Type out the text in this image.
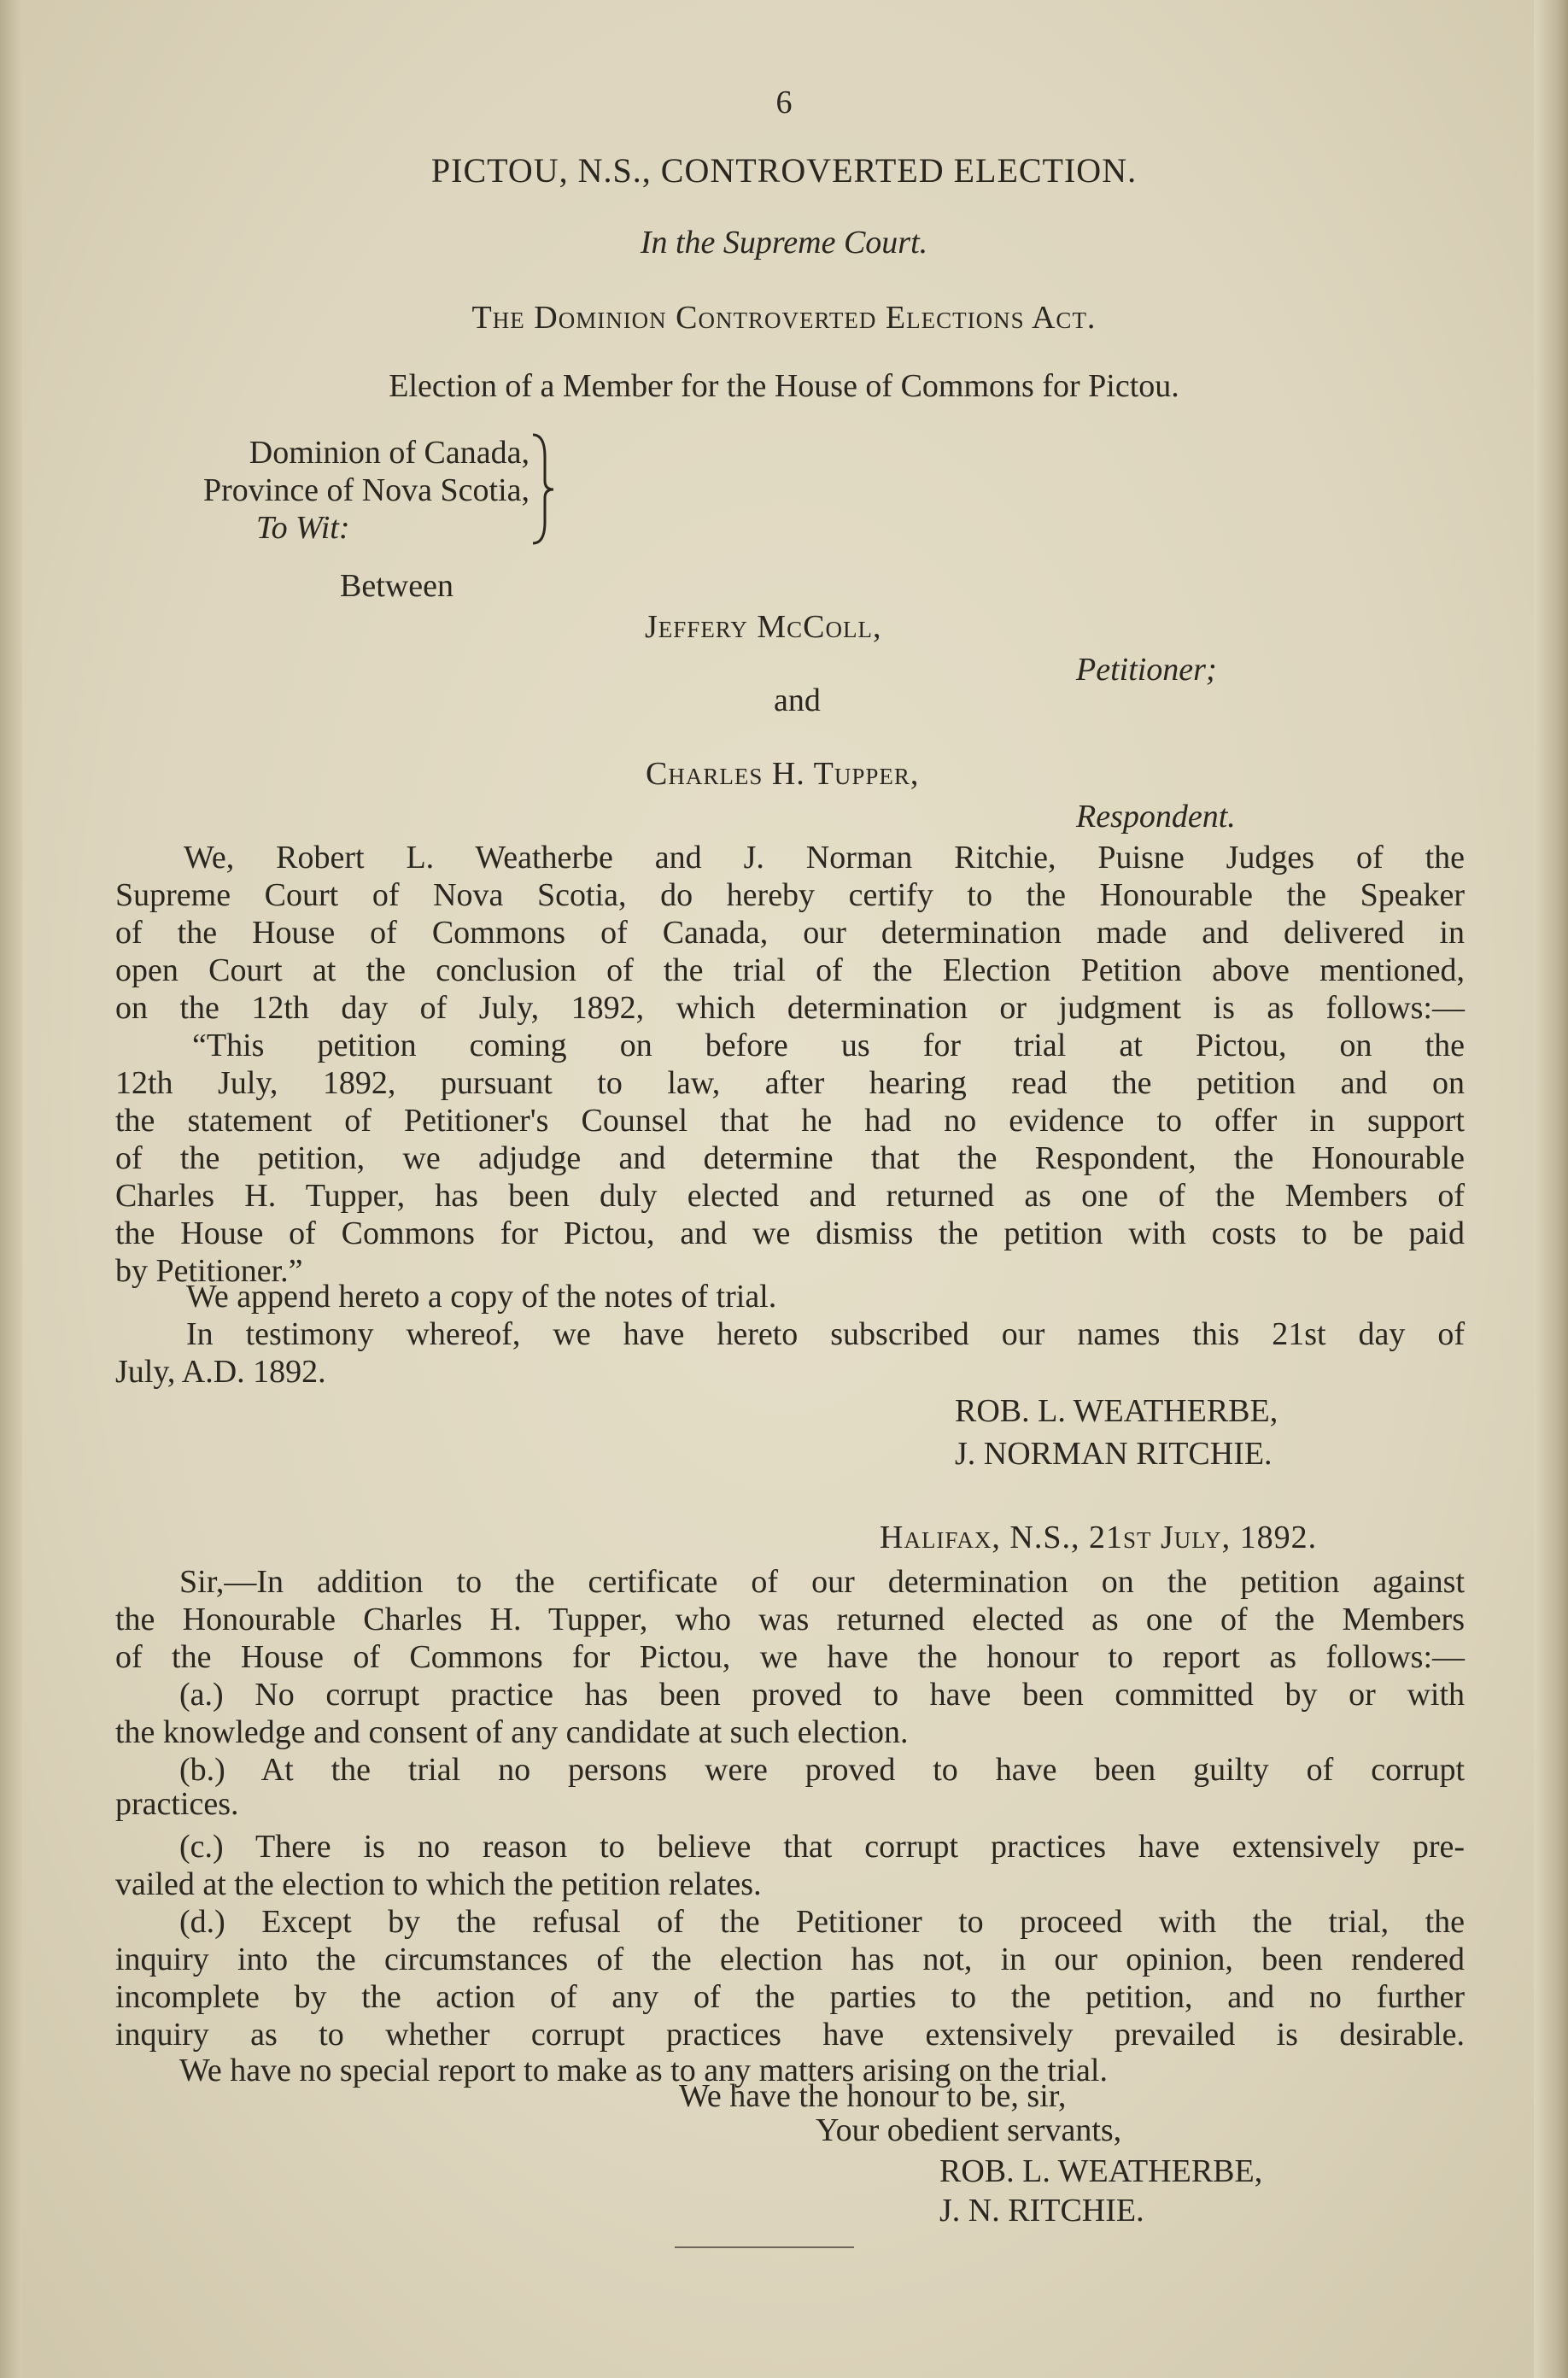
6
PICTOU, N.S., CONTROVERTED ELECTION.
In the Supreme Court.
The Dominion Controverted Elections Act.
Election of a Member for the House of Commons for Pictou.
Dominion of Canada,
Province of Nova Scotia,
To Wit:
Between
Jeffery McColl,
Petitioner;
and
Charles H. Tupper,
Respondent.
We, Robert L. Weatherbe and J. Norman Ritchie, Puisne Judges of the
Supreme Court of Nova Scotia, do hereby certify to the Honourable the Speaker
of the House of Commons of Canada, our determination made and delivered in
open Court at the conclusion of the trial of the Election Petition above mentioned,
on the 12th day of July, 1892, which determination or judgment is as follows:—
“This petition coming on before us for trial at Pictou, on the
12th July, 1892, pursuant to law, after hearing read the petition and on
the statement of Petitioner's Counsel that he had no evidence to offer in support
of the petition, we adjudge and determine that the Respondent, the Honourable
Charles H. Tupper, has been duly elected and returned as one of the Members of
the House of Commons for Pictou, and we dismiss the petition with costs to be paid
by Petitioner.”
We append hereto a copy of the notes of trial.
In testimony whereof, we have hereto subscribed our names this 21st day of
July, A.D. 1892.
ROB. L. WEATHERBE,
J. NORMAN RITCHIE.
Halifax, N.S., 21st July, 1892.
Sir,—In addition to the certificate of our determination on the petition against
the Honourable Charles H. Tupper, who was returned elected as one of the Members
of the House of Commons for Pictou, we have the honour to report as follows:—
(a.) No corrupt practice has been proved to have been committed by or with
the knowledge and consent of any candidate at such election.
(b.) At the trial no persons were proved to have been guilty of corrupt
practices.
(c.) There is no reason to believe that corrupt practices have extensively pre-
vailed at the election to which the petition relates.
(d.) Except by the refusal of the Petitioner to proceed with the trial, the
inquiry into the circumstances of the election has not, in our opinion, been rendered
incomplete by the action of any of the parties to the petition, and no further
inquiry as to whether corrupt practices have extensively prevailed is desirable.
We have no special report to make as to any matters arising on the trial.
We have the honour to be, sir,
Your obedient servants,
ROB. L. WEATHERBE,
J. N. RITCHIE.
